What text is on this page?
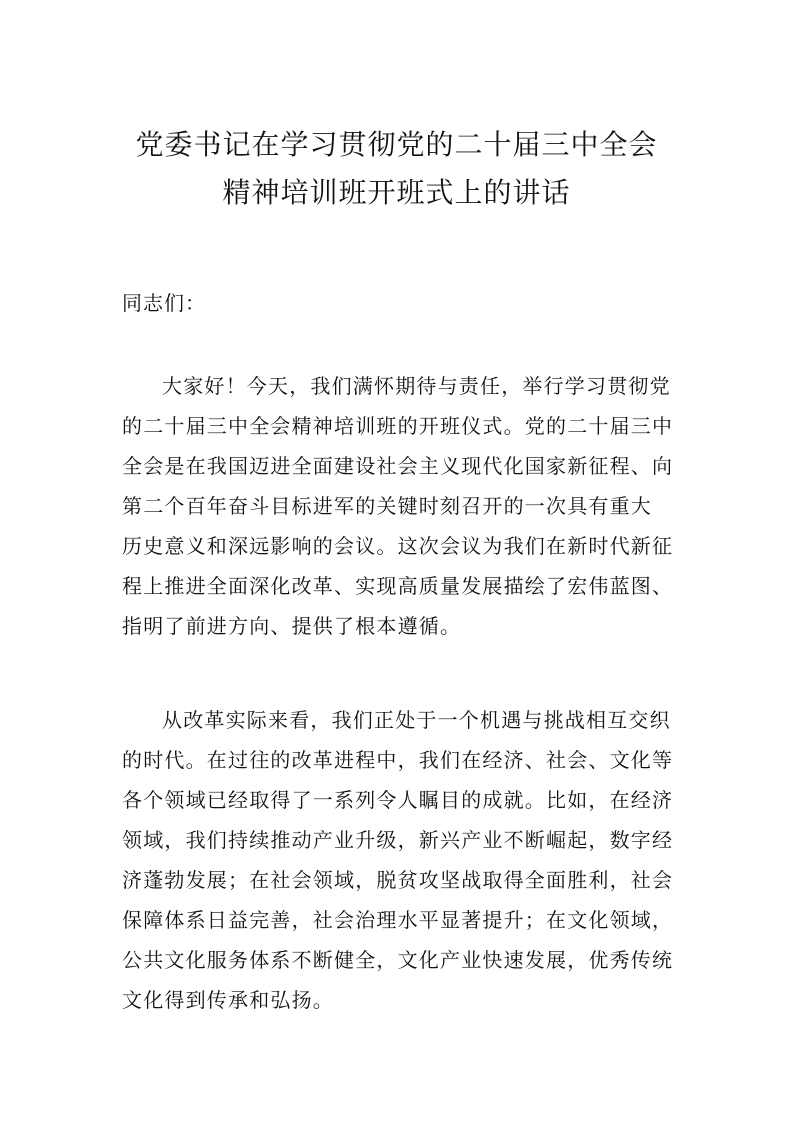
党委书记在学习贯彻党的二十届三中全会
精神培训班开班式上的讲话
同志们：
大家好！今天，我们满怀期待与责任，举行学习贯彻党
的二十届三中全会精神培训班的开班仪式。党的二十届三中
全会是在我国迈进全面建设社会主义现代化国家新征程、向
第二个百年奋斗目标进军的关键时刻召开的一次具有重大
历史意义和深远影响的会议。这次会议为我们在新时代新征
程上推进全面深化改革、实现高质量发展描绘了宏伟蓝图、
指明了前进方向、提供了根本遵循。
从改革实际来看，我们正处于一个机遇与挑战相互交织
的时代。在过往的改革进程中，我们在经济、社会、文化等
各个领域已经取得了一系列令人瞩目的成就。比如，在经济
领域，我们持续推动产业升级，新兴产业不断崛起，数字经
济蓬勃发展；在社会领域，脱贫攻坚战取得全面胜利，社会
保障体系日益完善，社会治理水平显著提升；在文化领域，
公共文化服务体系不断健全，文化产业快速发展，优秀传统
文化得到传承和弘扬。
